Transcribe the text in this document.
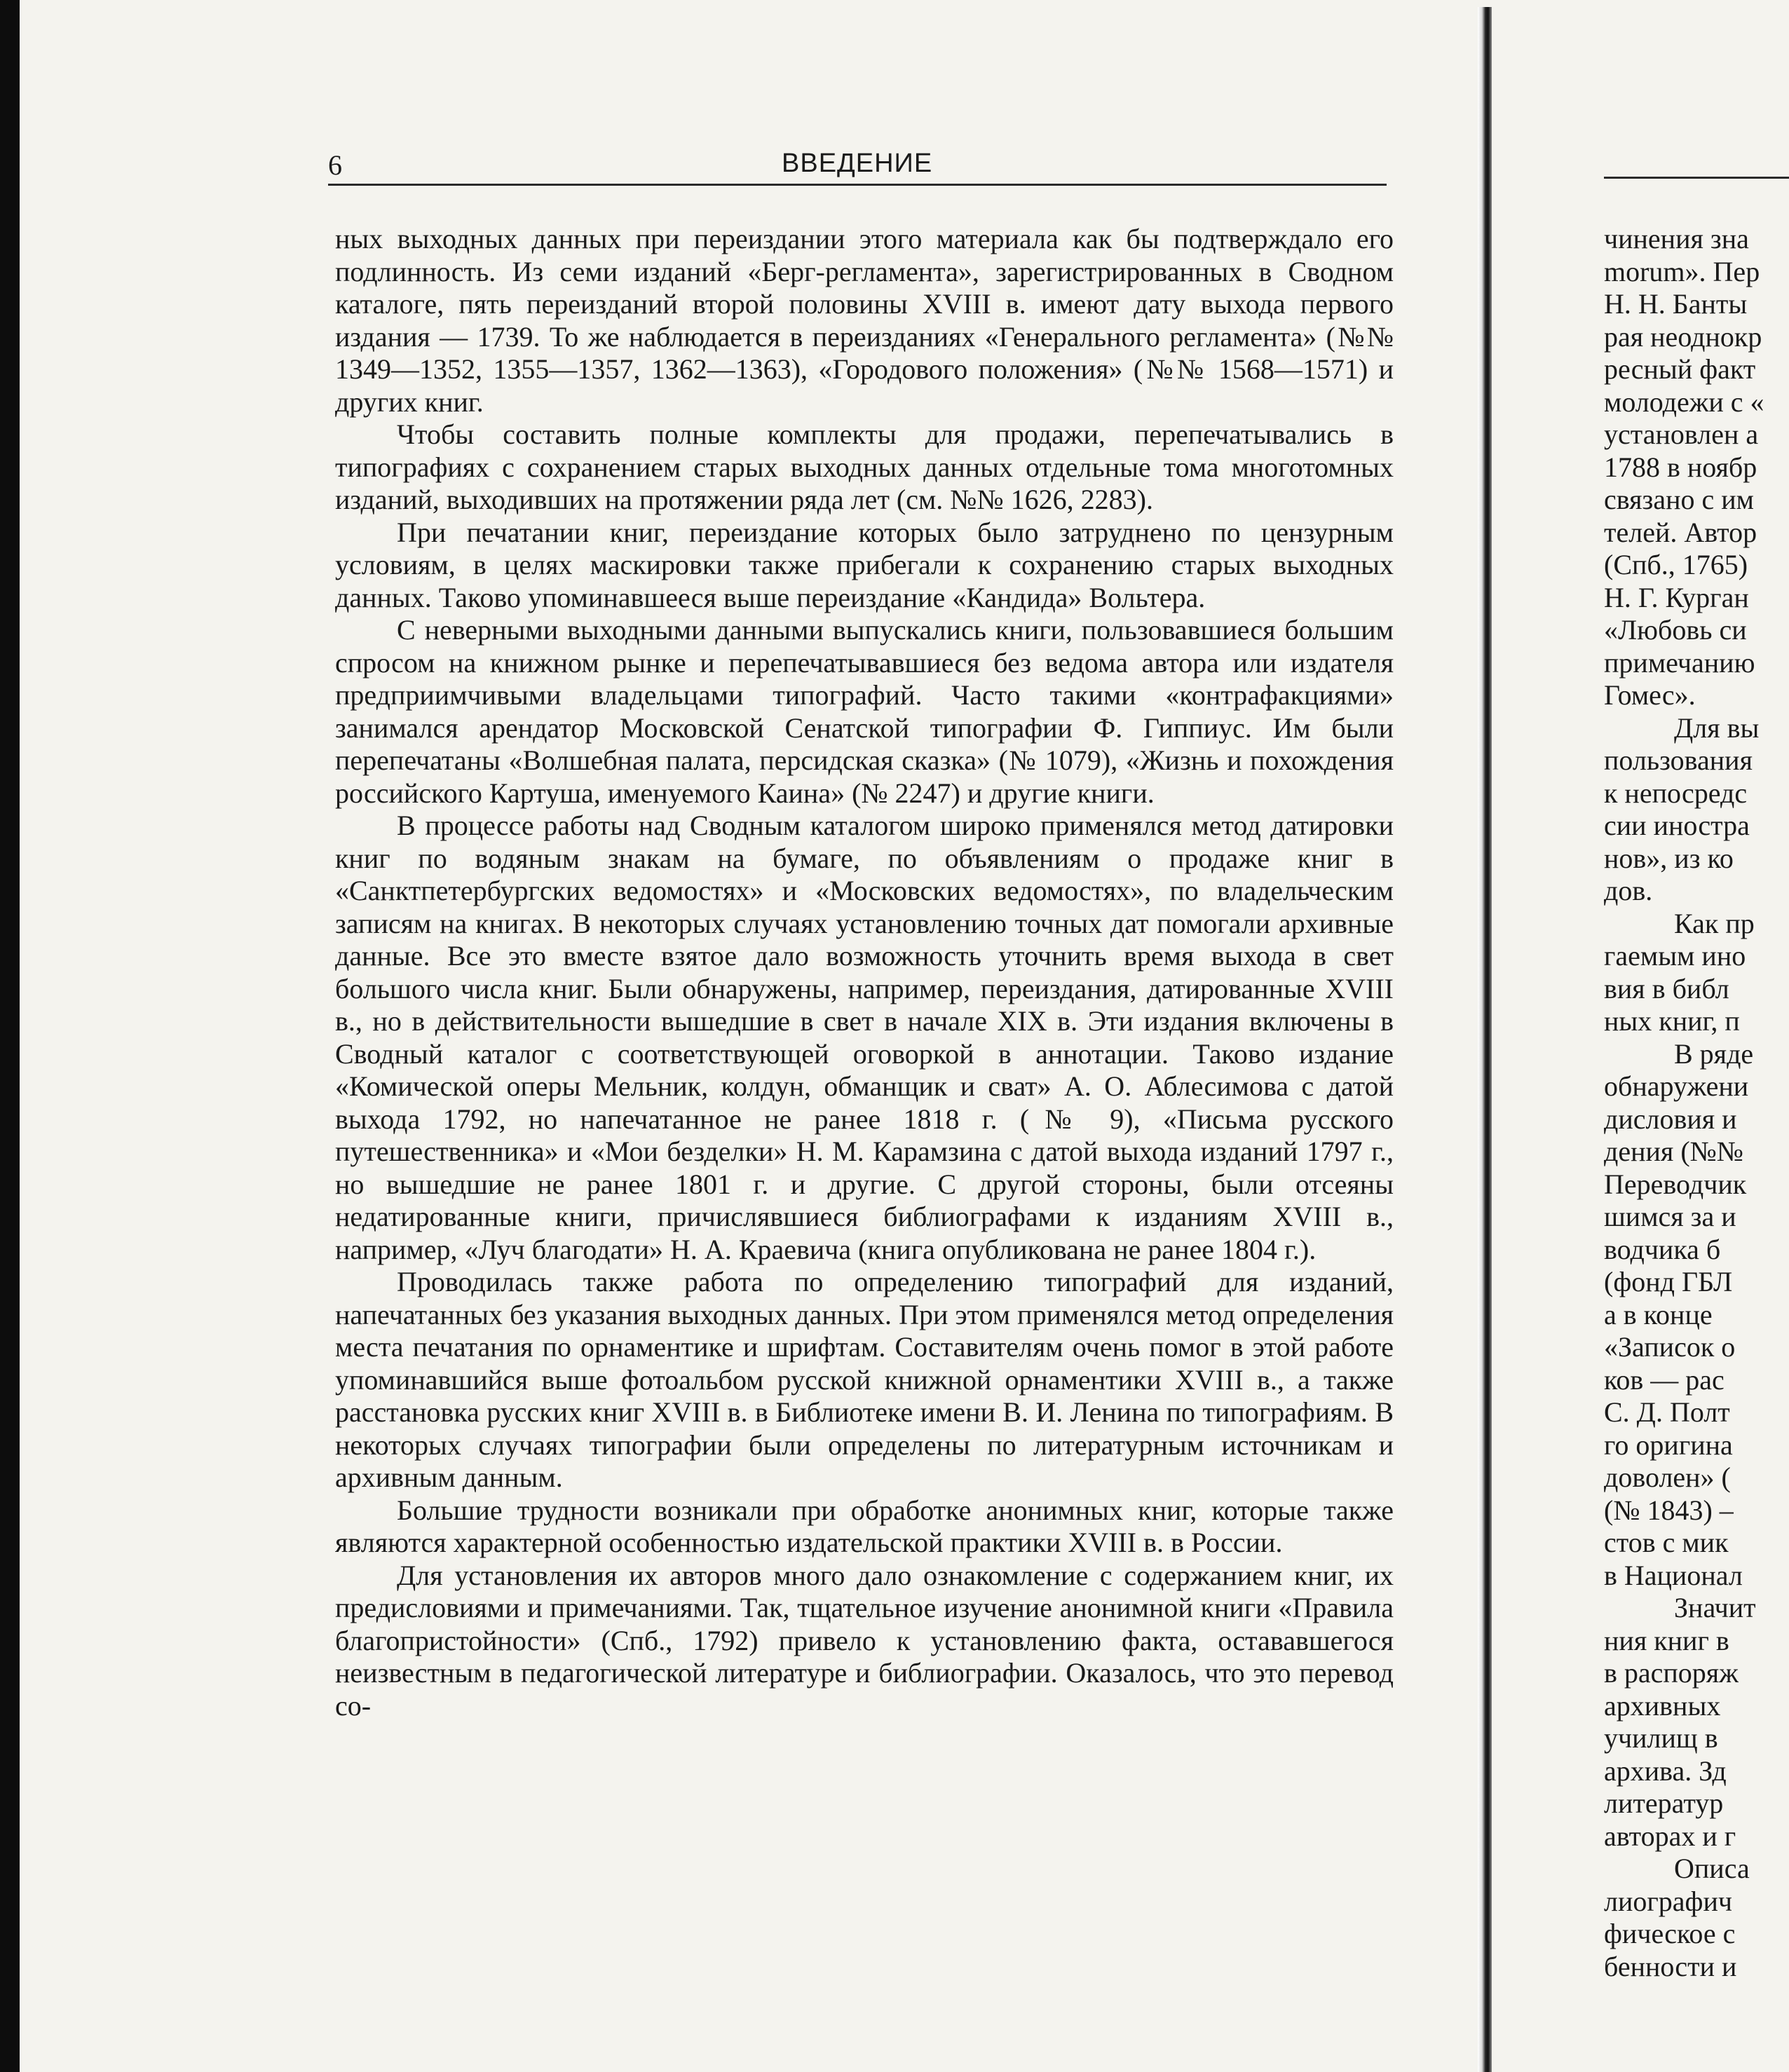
6	ВВЕДЕНИЕ

ных выходных данных при переиздании этого материала как бы подтверждало его подлинность. Из семи изданий «Берг-регламента», зарегистрированных в Сводном каталоге, пять переизданий второй половины XVIII в. имеют дату выхода первого издания — 1739. То же наблюдается в переизданиях «Генерального регламента» (№№ 1349—1352, 1355—1357, 1362—1363), «Городового положения» (№№ 1568—1571) и других книг.

Чтобы составить полные комплекты для продажи, перепечатывались в типографиях с сохранением старых выходных данных отдельные тома многотомных изданий, выходивших на протяжении ряда лет (см. №№ 1626, 2283).

При печатании книг, переиздание которых было затруднено по цензурным условиям, в целях маскировки также прибегали к сохранению старых выходных данных. Таково упоминавшееся выше переиздание «Кандида» Вольтера.

С неверными выходными данными выпускались книги, пользовавшиеся большим спросом на книжном рынке и перепечатывавшиеся без ведома автора или издателя предприимчивыми владельцами типографий. Часто такими «контрафакциями» занимался арендатор Московской Сенатской типографии Ф. Гиппиус. Им были перепечатаны «Волшебная палата, персидская сказка» (№ 1079), «Жизнь и похождения российского Картуша, именуемого Каина» (№ 2247) и другие книги.

В процессе работы над Сводным каталогом широко применялся метод датировки книг по водяным знакам на бумаге, по объявлениям о продаже книг в «Санктпетербургских ведомостях» и «Московских ведомостях», по владельческим записям на книгах. В некоторых случаях установлению точных дат помогали архивные данные. Все это вместе взятое дало возможность уточнить время выхода в свет большого числа книг. Были обнаружены, например, переиздания, датированные XVIII в., но в действительности вышедшие в свет в начале XIX в. Эти издания включены в Сводный каталог с соответствующей оговоркой в аннотации. Таково издание «Комической оперы Мельник, колдун, обманщик и сват» А. О. Аблесимова с датой выхода 1792, но напечатанное не ранее 1818 г. (№ 9), «Письма русского путешественника» и «Мои безделки» Н. М. Карамзина с датой выхода изданий 1797 г., но вышедшие не ранее 1801 г. и другие. С другой стороны, были отсеяны недатированные книги, причислявшиеся библиографами к изданиям XVIII в., например, «Луч благодати» Н. А. Краевича (книга опубликована не ранее 1804 г.).

Проводилась также работа по определению типографий для изданий, напечатанных без указания выходных данных. При этом применялся метод определения места печатания по орнаментике и шрифтам. Составителям очень помог в этой работе упоминавшийся выше фотоальбом русской книжной орнаментики XVIII в., а также расстановка русских книг XVIII в. в Библиотеке имени В. И. Ленина по типографиям. В некоторых случаях типографии были определены по литературным источникам и архивным данным.

Большие трудности возникали при обработке анонимных книг, которые также являются характерной особенностью издательской практики XVIII в. в России.

Для установления их авторов много дало ознакомление с содержанием книг, их предисловиями и примечаниями. Так, тщательное изучение анонимной книги «Правила благопристойности» (Спб., 1792) привело к установлению факта, остававшегося неизвестным в педагогической литературе и библиографии. Оказалось, что это перевод со-

чинения зна
morum». Пер
Н. Н. Банты
рая неоднокр
ресный факт
молодежи с «
установлен а
1788 в ноябр
связано с им
телей. Автор
(Спб., 1765)
Н. Г. Курган
«Любовь си
примечанию
Гомес».
Для вы
пользования
к непосредс
сии иностра
нов», из ко
дов.
Как пр
гаемым ино
вия в библ
ных книг, п
В ряде
обнаружени
дисловия и
дения (№№
Переводчик
шимся за и
водчика б
(фонд ГБЛ
а в конце
«Записок о
ков — рас
С. Д. Полт
го оригина
доволен» (
(№ 1843) –
стов с мик
в Национал
Значит
ния книг в
в распоряж
архивных
училищ в
архива. Зд
литератур
авторах и г
Описа
лиографич
фическое с
бенности и
